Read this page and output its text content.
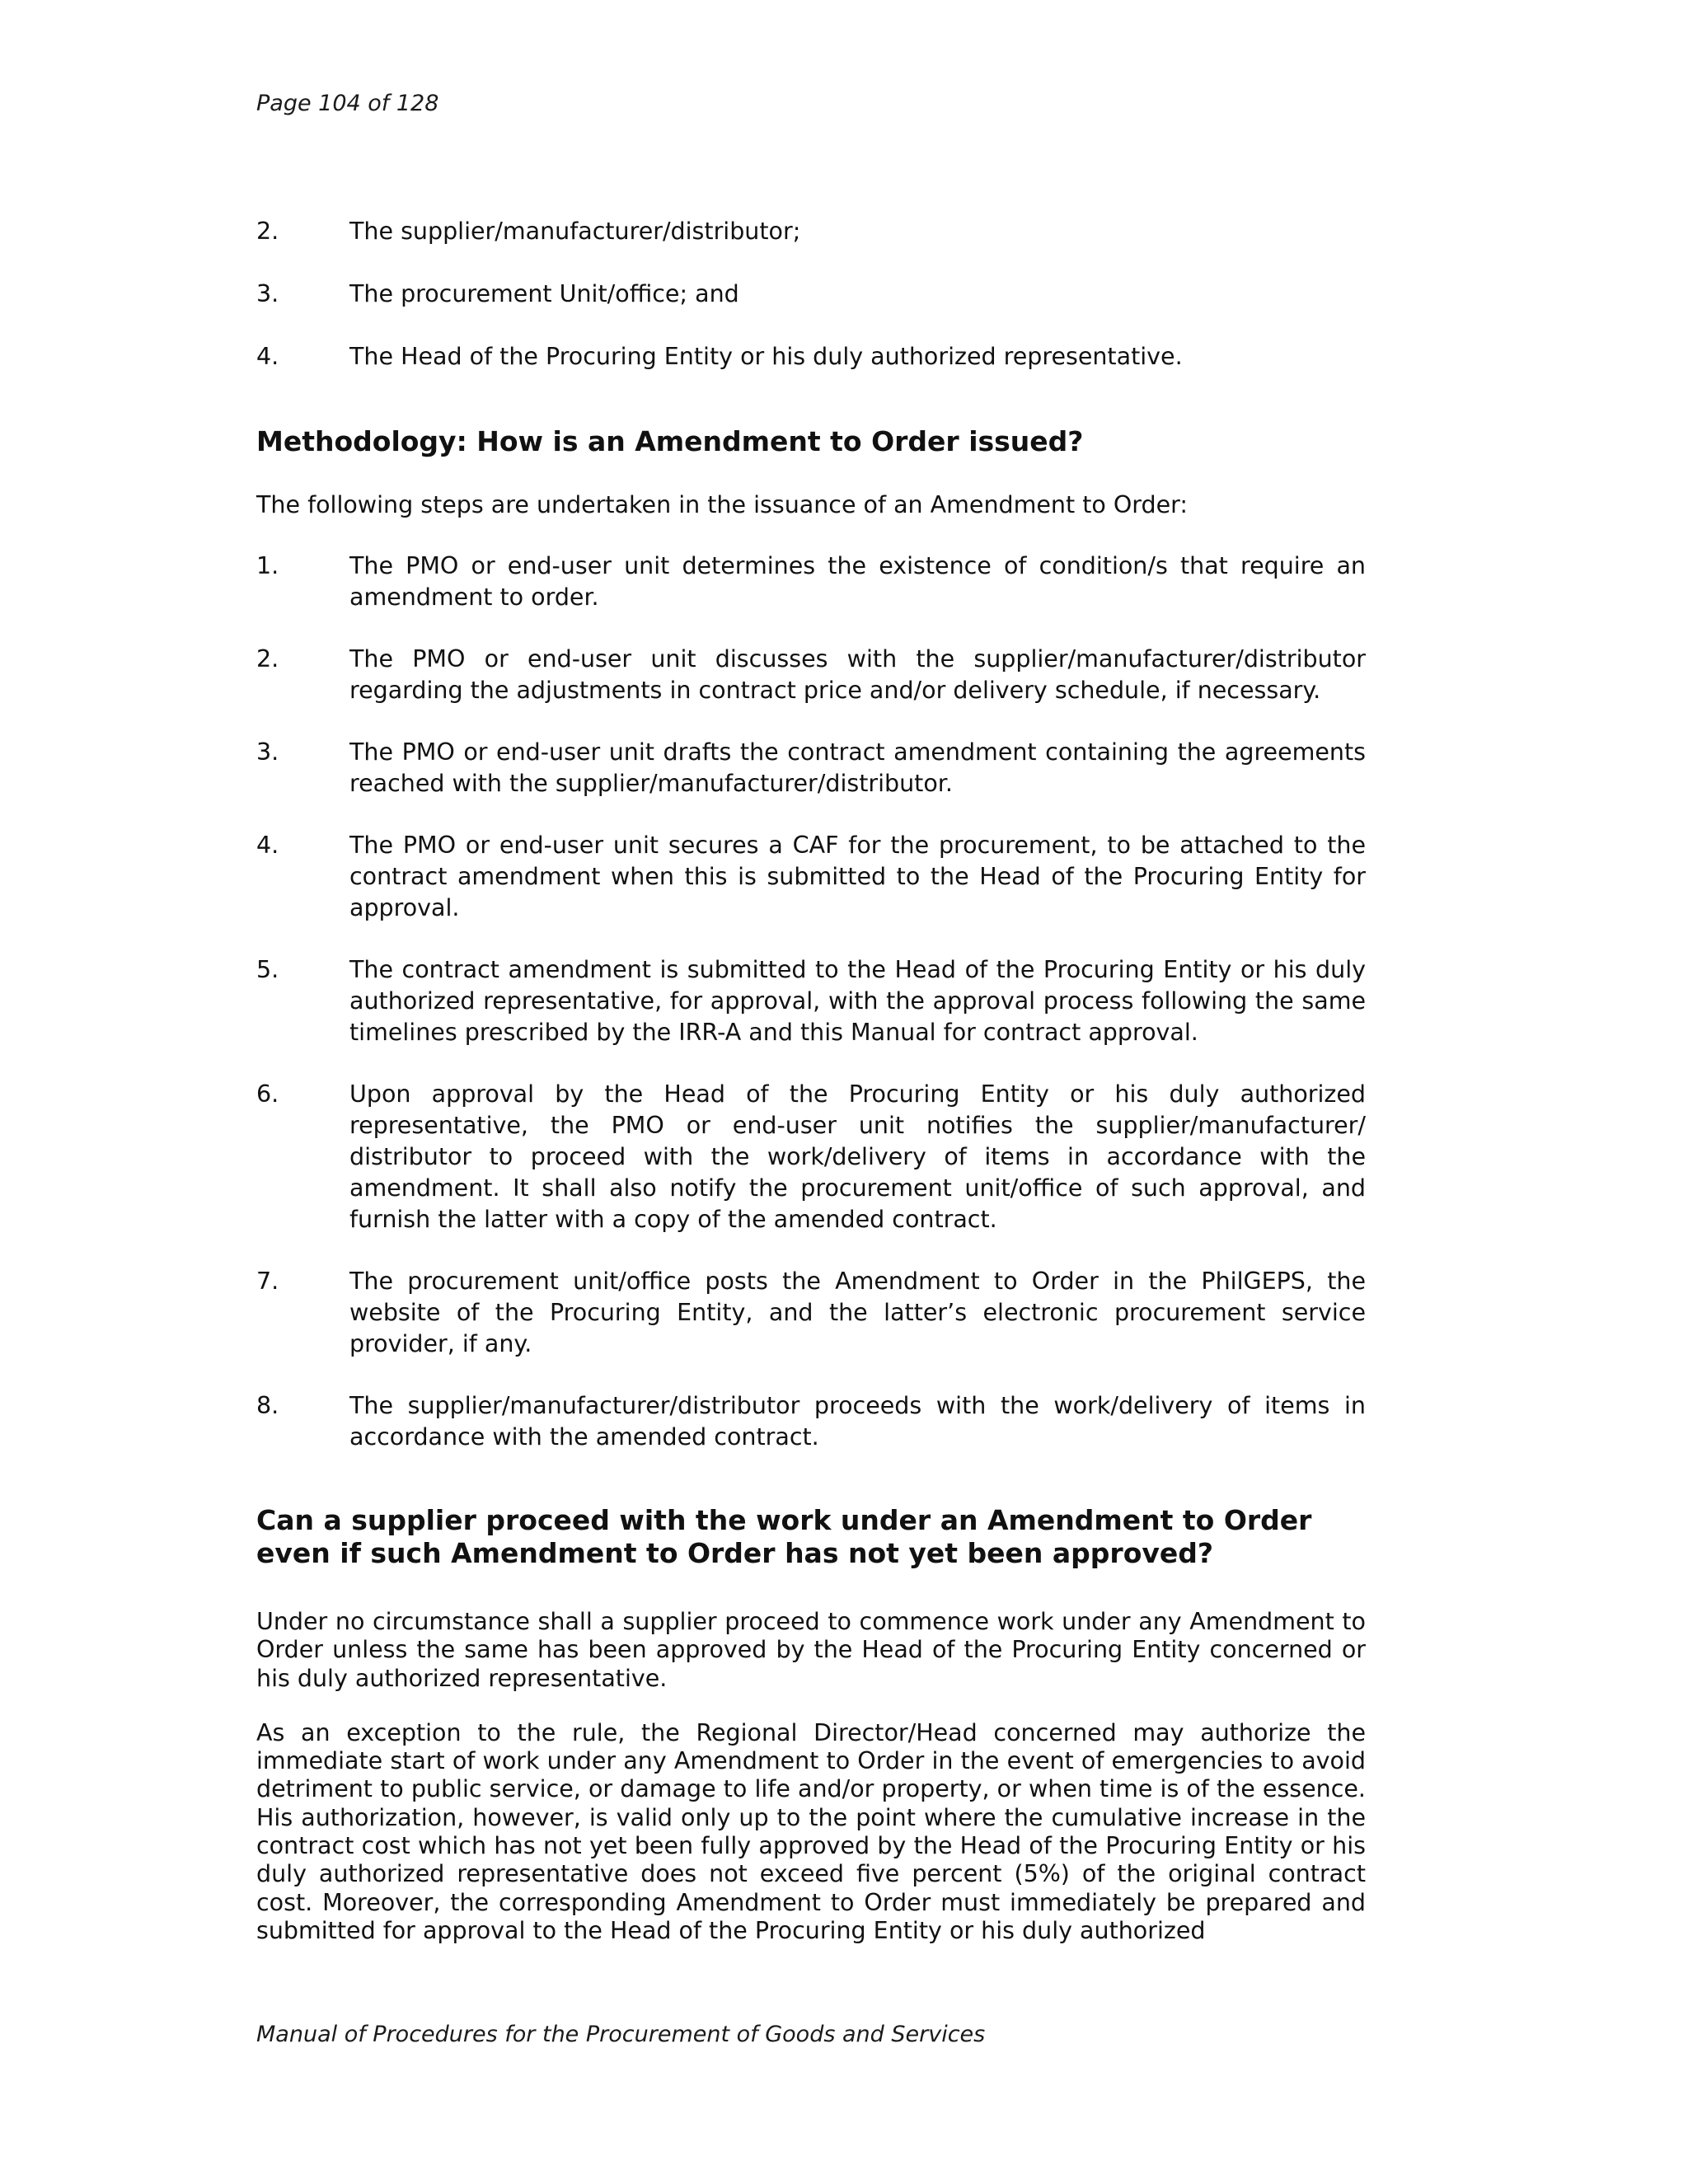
Page 104 of 128
2.	The supplier/manufacturer/distributor;
3.	The procurement Unit/office; and
4.	The Head of the Procuring Entity or his duly authorized representative.
Methodology: How is an Amendment to Order issued?
The following steps are undertaken in the issuance of an Amendment to Order:
1.	The PMO or end-user unit determines the existence of condition/s that require an amendment to order.
2.	The PMO or end-user unit discusses with the supplier/manufacturer/distributor regarding the adjustments in contract price and/or delivery schedule, if necessary.
3.	The PMO or end-user unit drafts the contract amendment containing the agreements reached with the supplier/manufacturer/distributor.
4.	The PMO or end-user unit secures a CAF for the procurement, to be attached to the contract amendment when this is submitted to the Head of the Procuring Entity for approval.
5.	The contract amendment is submitted to the Head of the Procuring Entity or his duly authorized representative, for approval, with the approval process following the same timelines prescribed by the IRR-A and this Manual for contract approval.
6.	Upon approval by the Head of the Procuring Entity or his duly authorized representative, the PMO or end-user unit notifies the supplier/manufacturer/ distributor to proceed with the work/delivery of items in accordance with the amendment. It shall also notify the procurement unit/office of such approval, and furnish the latter with a copy of the amended contract.
7.	The procurement unit/office posts the Amendment to Order in the PhilGEPS, the website of the Procuring Entity, and the latter’s electronic procurement service provider, if any.
8.	The supplier/manufacturer/distributor proceeds with the work/delivery of items in accordance with the amended contract.
Can a supplier proceed with the work under an Amendment to Order even if such Amendment to Order has not yet been approved?

Under no circumstance shall a supplier proceed to commence work under any Amendment to Order unless the same has been approved by the Head of the Procuring Entity concerned or his duly authorized representative.

As an exception to the rule, the Regional Director/Head concerned may authorize the immediate start of work under any Amendment to Order in the event of emergencies to avoid detriment to public service, or damage to life and/or property, or when time is of the essence. His authorization, however, is valid only up to the point where the cumulative increase in the contract cost which has not yet been fully approved by the Head of the Procuring Entity or his duly authorized representative does not exceed five percent (5%) of the original contract cost. Moreover, the corresponding Amendment to Order must immediately be prepared and submitted for approval to the Head of the Procuring Entity or his duly authorized

Manual of Procedures for the Procurement of Goods and Services
